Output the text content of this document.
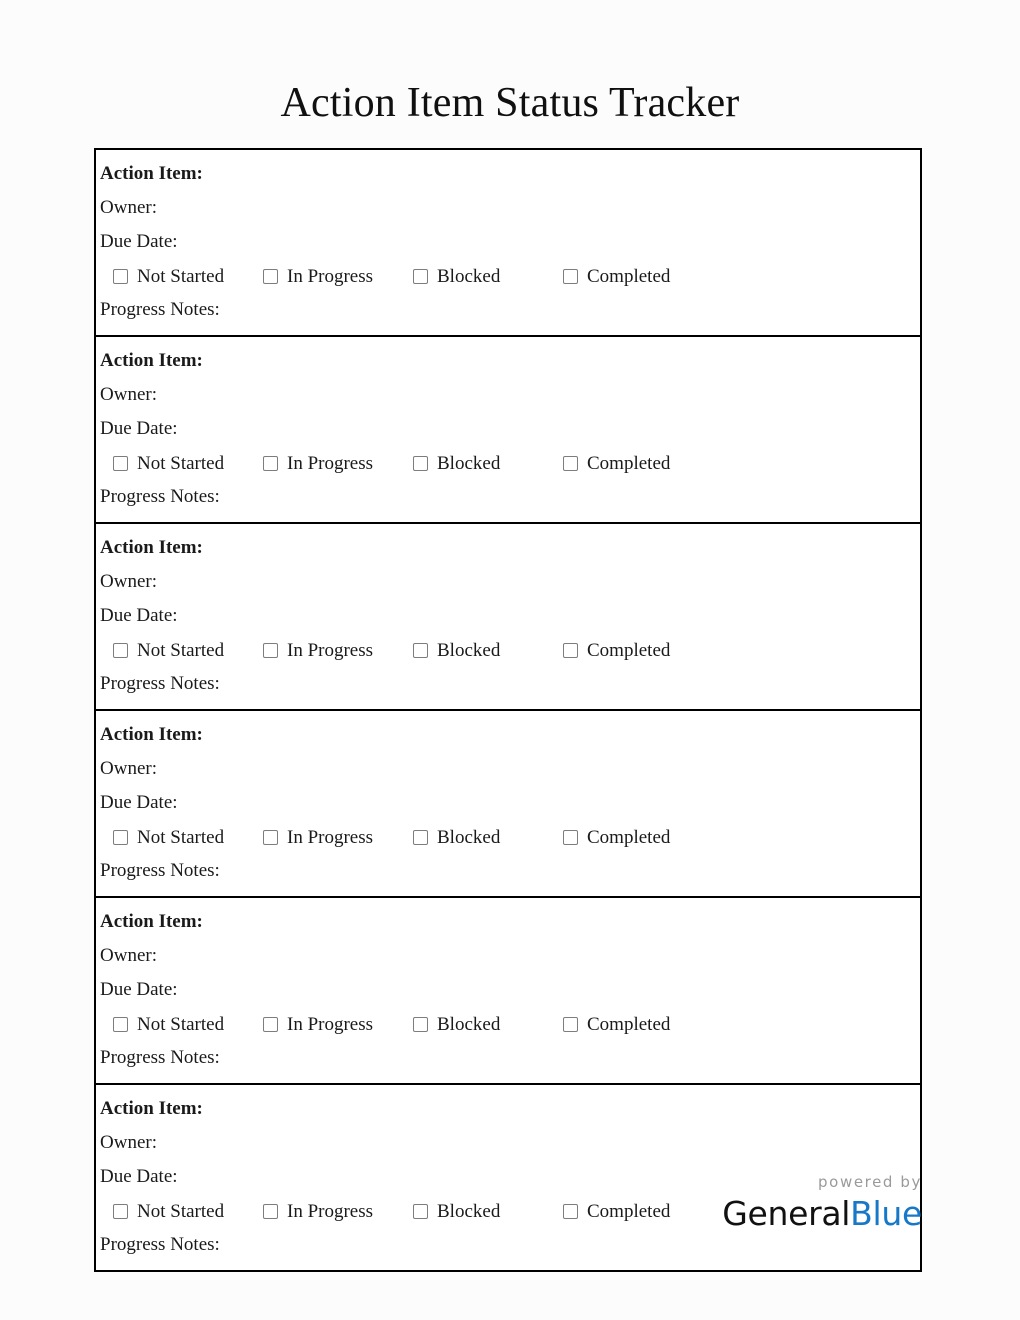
Action Item Status Tracker
Action Item:
Owner:
Due Date:
Not Started	In Progress	Blocked	Completed
Progress Notes:
Action Item:
Owner:
Due Date:
Not Started	In Progress	Blocked	Completed
Progress Notes:
Action Item:
Owner:
Due Date:
Not Started	In Progress	Blocked	Completed
Progress Notes:
Action Item:
Owner:
Due Date:
Not Started	In Progress	Blocked	Completed
Progress Notes:
Action Item:
Owner:
Due Date:
Not Started	In Progress	Blocked	Completed
Progress Notes:
Action Item:
Owner:
Due Date:
Not Started	In Progress	Blocked	Completed
Progress Notes:
powered by
GeneralBlue
